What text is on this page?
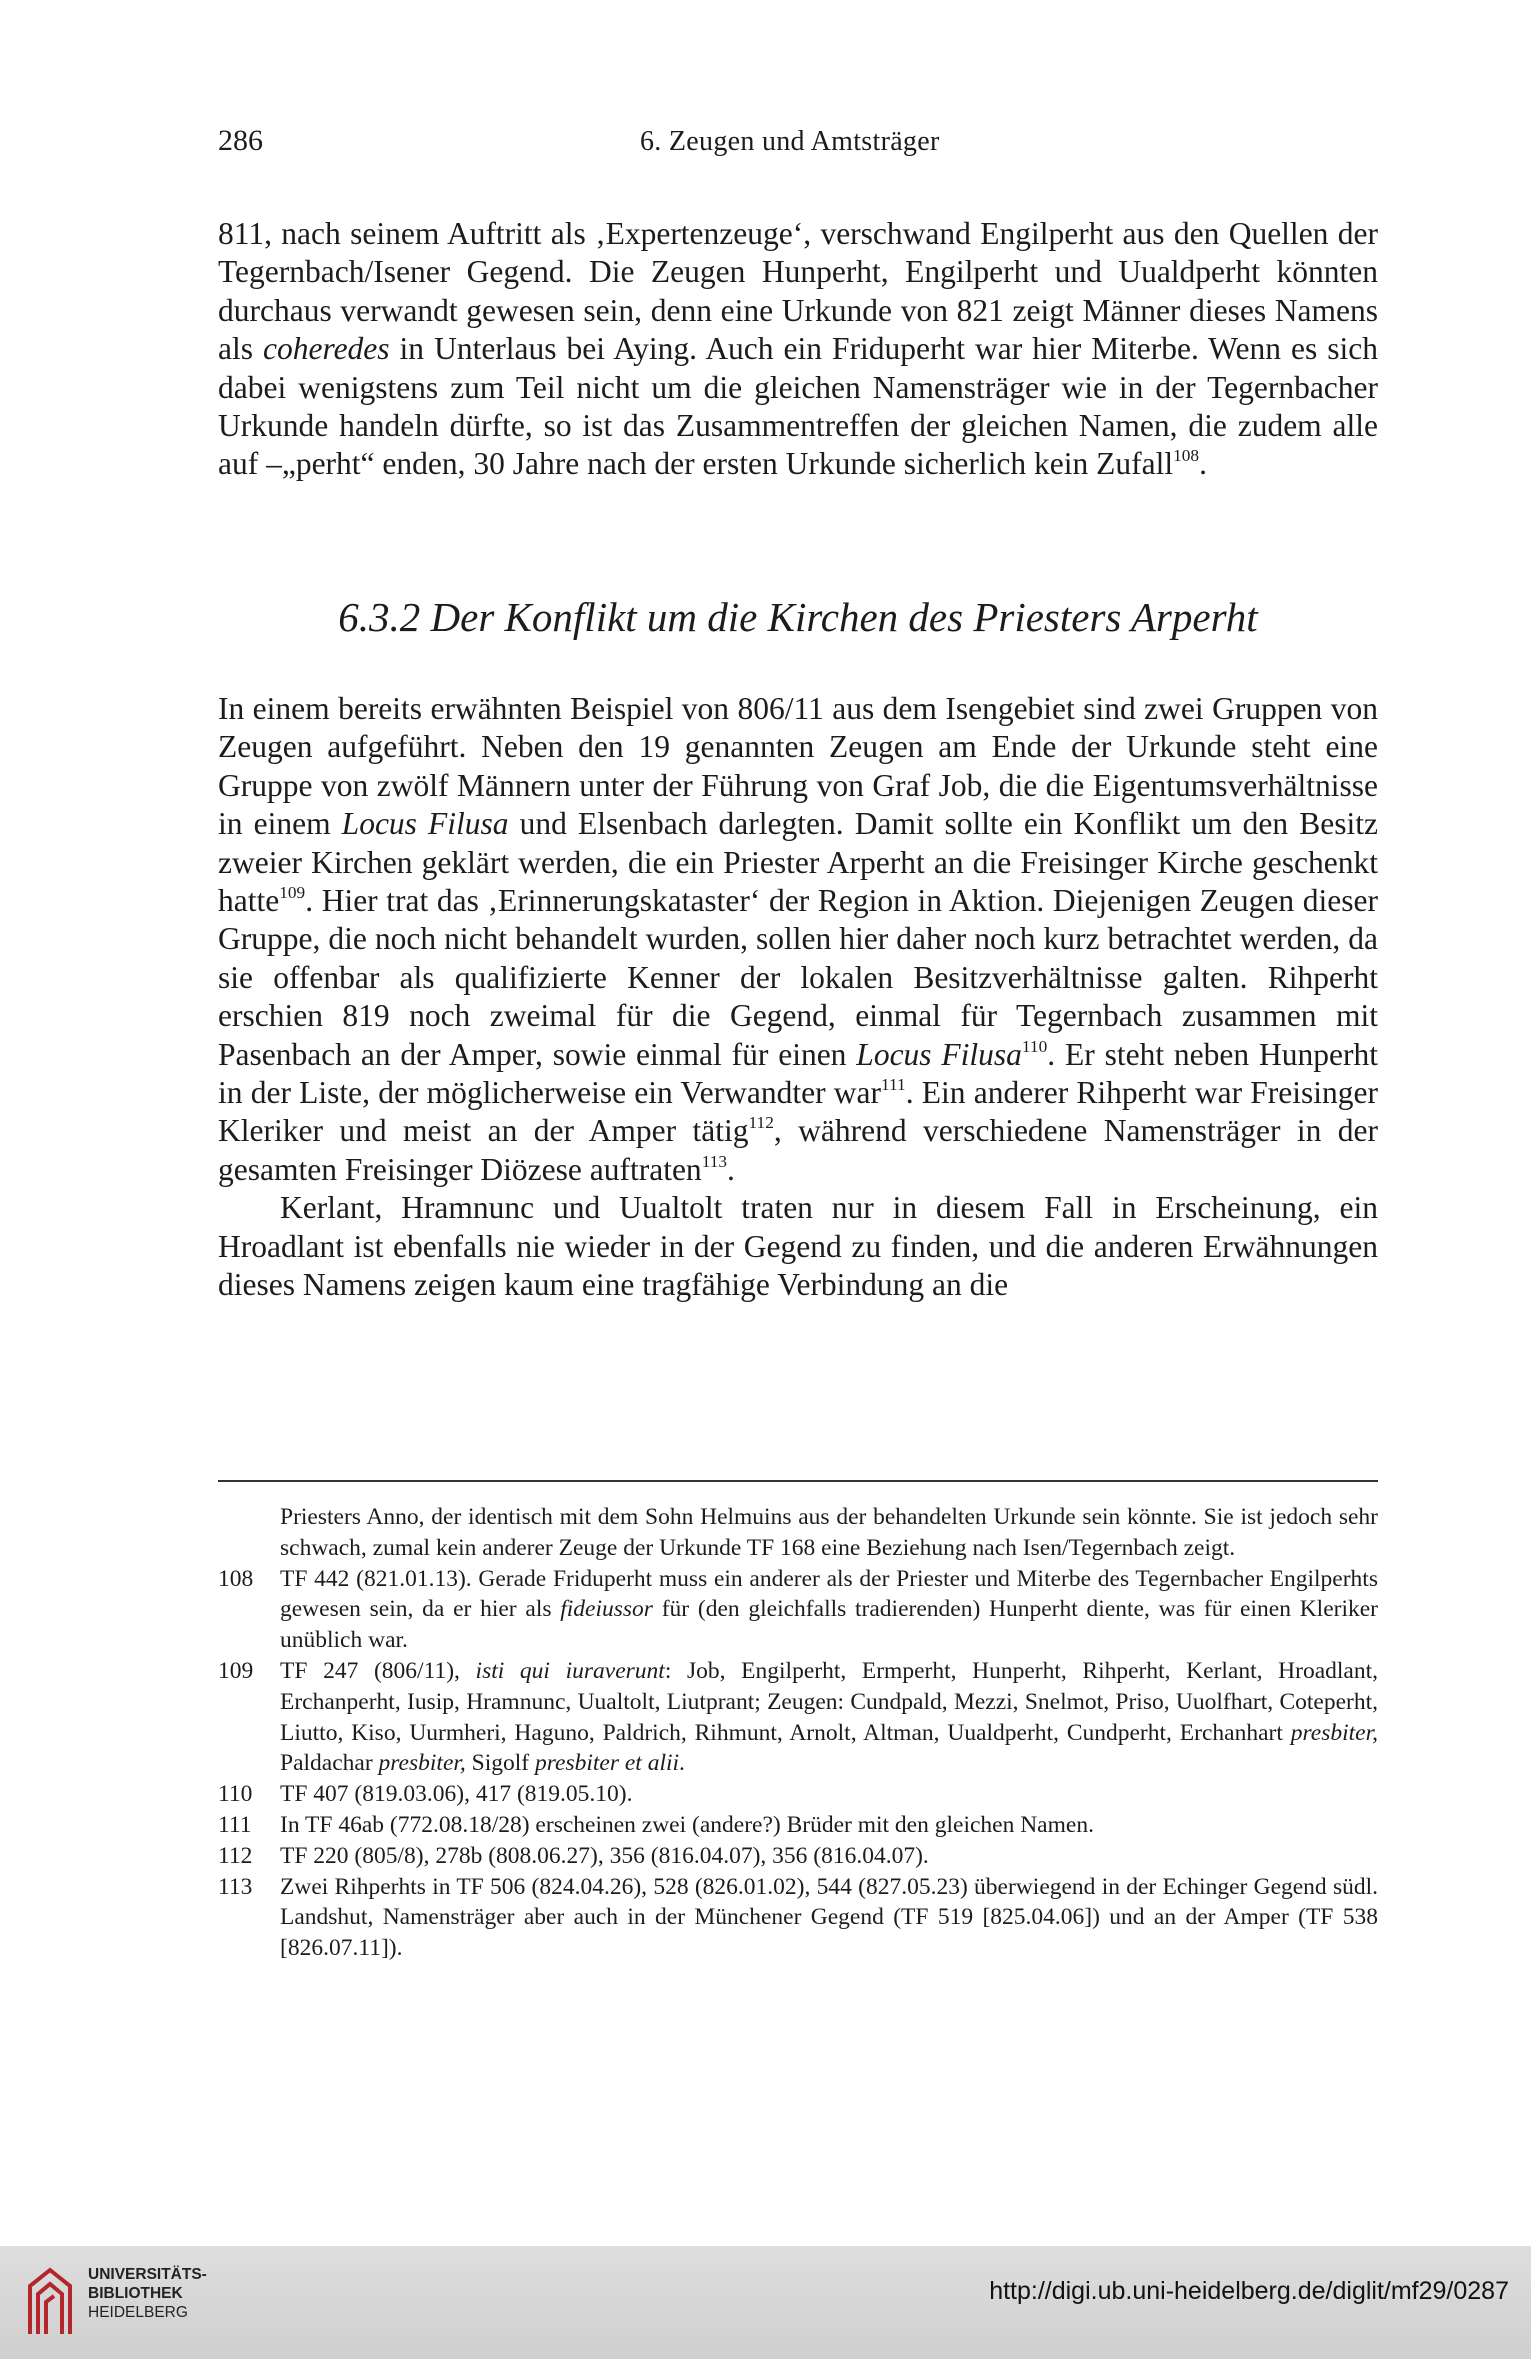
286	6. Zeugen und Amtsträger

811, nach seinem Auftritt als ‚Expertenzeuge‘, verschwand Engilperht aus den Quellen der Tegernbach/Isener Gegend. Die Zeugen Hunperht, Engilperht und Uualdperht könnten durchaus verwandt gewesen sein, denn eine Urkunde von 821 zeigt Männer dieses Namens als coheredes in Unterlaus bei Aying. Auch ein Friduperht war hier Miterbe. Wenn es sich dabei wenigstens zum Teil nicht um die gleichen Namensträger wie in der Tegernbacher Urkunde handeln dürfte, so ist das Zusammentreffen der gleichen Namen, die zudem alle auf –„perht“ enden, 30 Jahre nach der ersten Urkunde sicherlich kein Zufall$^{108}$.

6.3.2 Der Konflikt um die Kirchen des Priesters Arperht

In einem bereits erwähnten Beispiel von 806/11 aus dem Isengebiet sind zwei Gruppen von Zeugen aufgeführt. Neben den 19 genannten Zeugen am Ende der Urkunde steht eine Gruppe von zwölf Männern unter der Führung von Graf Job, die die Eigentumsverhältnisse in einem Locus Filusa und Elsenbach darlegten. Damit sollte ein Konflikt um den Besitz zweier Kirchen geklärt werden, die ein Priester Arperht an die Freisinger Kirche geschenkt hatte$^{109}$. Hier trat das ‚Erinnerungskataster‘ der Region in Aktion. Diejenigen Zeugen dieser Gruppe, die noch nicht behandelt wurden, sollen hier daher noch kurz betrachtet werden, da sie offenbar als qualifizierte Kenner der lokalen Besitzverhältnisse galten. Rihperht erschien 819 noch zweimal für die Gegend, einmal für Tegernbach zusammen mit Pasenbach an der Amper, sowie einmal für einen Locus Filusa$^{110}$. Er steht neben Hunperht in der Liste, der möglicherweise ein Verwandter war$^{111}$. Ein anderer Rihperht war Freisinger Kleriker und meist an der Amper tätig$^{112}$, während verschiedene Namensträger in der gesamten Freisinger Diözese auftraten$^{113}$.

Kerlant, Hramnunc und Uualtolt traten nur in diesem Fall in Erscheinung, ein Hroadlant ist ebenfalls nie wieder in der Gegend zu finden, und die anderen Erwähnungen dieses Namens zeigen kaum eine tragfähige Verbindung an die

Priesters Anno, der identisch mit dem Sohn Helmuins aus der behandelten Urkunde sein könnte. Sie ist jedoch sehr schwach, zumal kein anderer Zeuge der Urkunde TF 168 eine Beziehung nach Isen/Tegernbach zeigt.
108	TF 442 (821.01.13). Gerade Friduperht muss ein anderer als der Priester und Miterbe des Tegernbacher Engilperhts gewesen sein, da er hier als fideiussor für (den gleichfalls tradierenden) Hunperht diente, was für einen Kleriker unüblich war.
109	TF 247 (806/11), isti qui iuraverunt: Job, Engilperht, Ermperht, Hunperht, Rihperht, Kerlant, Hroadlant, Erchanperht, Iusip, Hramnunc, Uualtolt, Liutprant; Zeugen: Cundpald, Mezzi, Snelmot, Priso, Uuolfhart, Coteperht, Liutto, Kiso, Uurmheri, Haguno, Paldrich, Rihmunt, Arnolt, Altman, Uualdperht, Cundperht, Erchanhart presbiter, Paldachar presbiter, Sigolf presbiter et alii.
110	TF 407 (819.03.06), 417 (819.05.10).
111	In TF 46ab (772.08.18/28) erscheinen zwei (andere?) Brüder mit den gleichen Namen.
112	TF 220 (805/8), 278b (808.06.27), 356 (816.04.07), 356 (816.04.07).
113	Zwei Rihperhts in TF 506 (824.04.26), 528 (826.01.02), 544 (827.05.23) überwiegend in der Echinger Gegend südl. Landshut, Namensträger aber auch in der Münchener Gegend (TF 519 [825.04.06]) und an der Amper (TF 538 [826.07.11]).
UNIVERSITÄTS-
BIBLIOTHEK
HEIDELBERG
http://digi.ub.uni-heidelberg.de/diglit/mf29/0287
